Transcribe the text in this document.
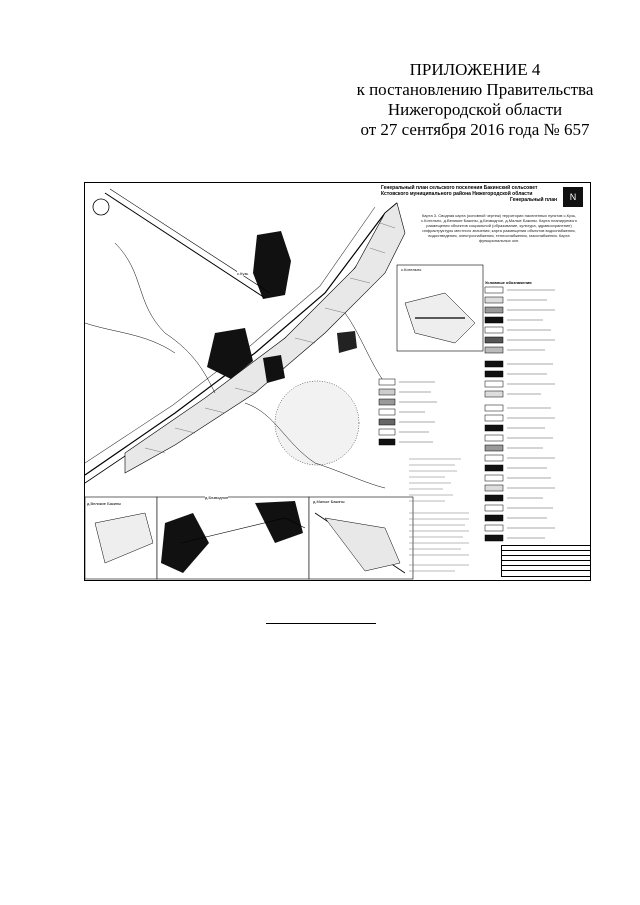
ПРИЛОЖЕНИЕ 4
к постановлению Правительства
Нижегородской области
от 27 сентября 2016 года № 657
Генеральный план сельского поселения Бакинский сельсовет
Кстовского муниципального района Нижегородской области
Генеральный план	N
Карта 3. Сводная карта (основной чертеж) территории населенных пунктов с.Кузь, с.Котельно, д.Великие Бакины, д.Безводное, д.Малые Бакины. Карта планируемого размещения объектов социальной (образование, культура, здравоохранение) инфраструктуры местного значения; карта размещения объектов водоснабжения, водоотведения, электроснабжения, теплоснабжения, газоснабжения. Карта функциональных зон.
Условные обозначения
с.Кузь
д.Великие Бакины
д.Безводное
д.Малые Бакины
с.Котельно
